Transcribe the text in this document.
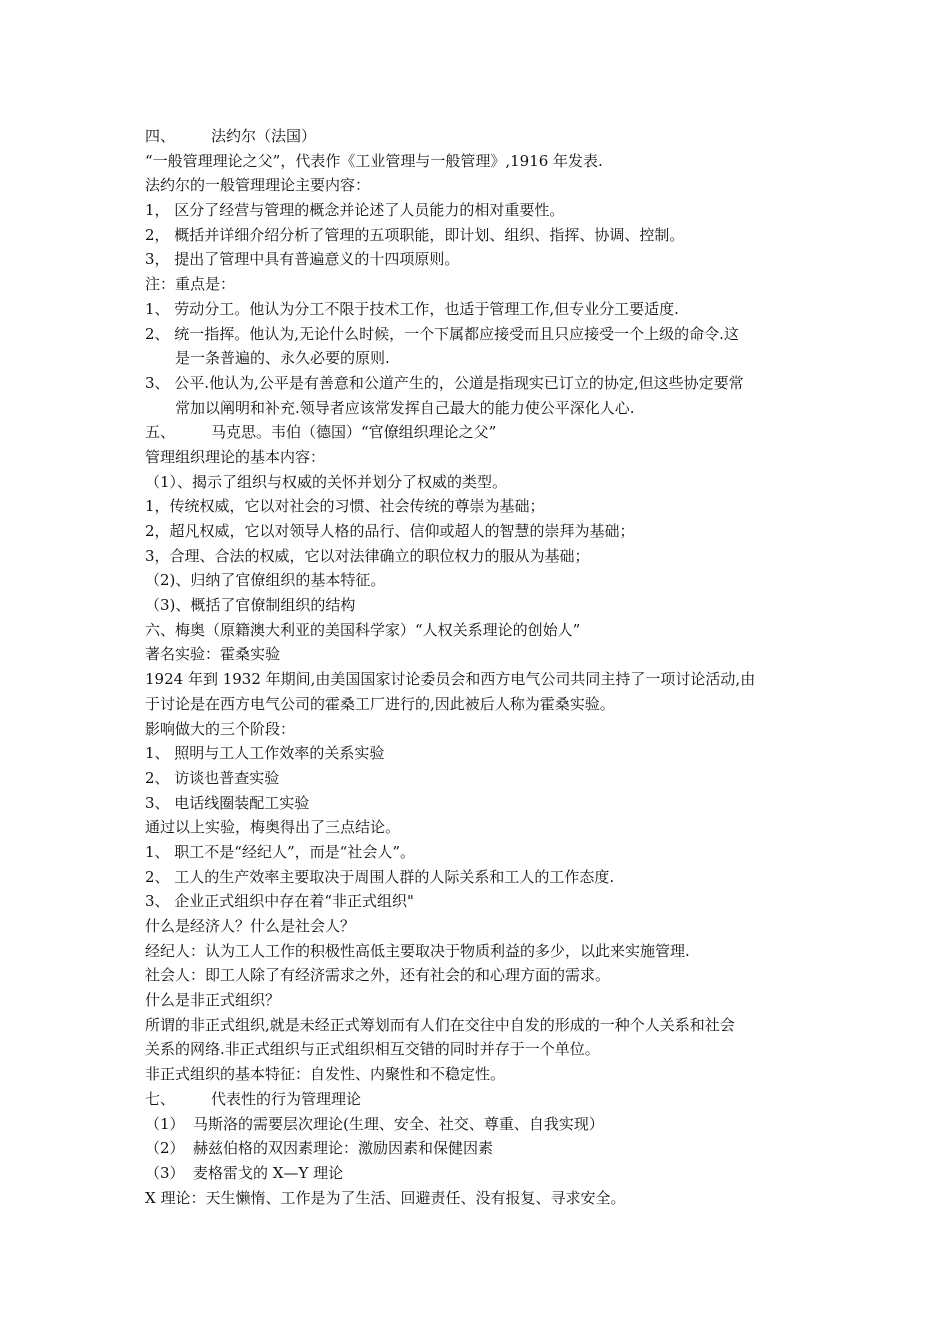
四、 法约尔（法国）
“一般管理理论之父”，代表作《工业管理与一般管理》,1916 年发表.
法约尔的一般管理理论主要内容：
1， 区分了经营与管理的概念并论述了人员能力的相对重要性。
2， 概括并详细介绍分析了管理的五项职能，即计划、组织、指挥、协调、控制。
3， 提出了管理中具有普遍意义的十四项原则。
注：重点是：
1、 劳动分工。他认为分工不限于技术工作，也适于管理工作,但专业分工要适度.
2、 统一指挥。他认为,无论什么时候，一个下属都应接受而且只应接受一个上级的命令.这
是一条普遍的、永久必要的原则.
3、 公平.他认为,公平是有善意和公道产生的，公道是指现实已订立的协定,但这些协定要常
常加以阐明和补充.领导者应该常发挥自己最大的能力使公平深化人心.
五、 马克思。韦伯（德国）“官僚组织理论之父”
管理组织理论的基本内容：
（1）、揭示了组织与权威的关怀并划分了权威的类型。
1，传统权威，它以对社会的习惯、社会传统的尊崇为基础；
2，超凡权威，它以对领导人格的品行、信仰或超人的智慧的崇拜为基础；
3，合理、合法的权威，它以对法律确立的职位权力的服从为基础；
（2)、归纳了官僚组织的基本特征。
（3)、概括了官僚制组织的结构
六、梅奥（原籍澳大利亚的美国科学家）“人权关系理论的创始人”
著名实验：霍桑实验
1924 年到 1932 年期间,由美国国家讨论委员会和西方电气公司共同主持了一项讨论活动,由
于讨论是在西方电气公司的霍桑工厂进行的,因此被后人称为霍桑实验。
影响做大的三个阶段：
1、 照明与工人工作效率的关系实验
2、 访谈也普查实验
3、 电话线圈装配工实验
通过以上实验，梅奥得出了三点结论。
1、 职工不是“经纪人”，而是“社会人”。
2、 工人的生产效率主要取决于周围人群的人际关系和工人的工作态度.
3、 企业正式组织中存在着“非正式组织"
什么是经济人？什么是社会人？
经纪人：认为工人工作的积极性高低主要取决于物质利益的多少，以此来实施管理.
社会人：即工人除了有经济需求之外，还有社会的和心理方面的需求。
什么是非正式组织？
所谓的非正式组织,就是未经正式筹划而有人们在交往中自发的形成的一种个人关系和社会
关系的网络.非正式组织与正式组织相互交错的同时并存于一个单位。
非正式组织的基本特征：自发性、内聚性和不稳定性。
七、 代表性的行为管理理论
（1） 马斯洛的需要层次理论(生理、安全、社交、尊重、自我实现）
（2） 赫兹伯格的双因素理论：激励因素和保健因素
（3） 麦格雷戈的 X—Y 理论
X 理论：天生懒惰、工作是为了生活、回避责任、没有报复、寻求安全。
